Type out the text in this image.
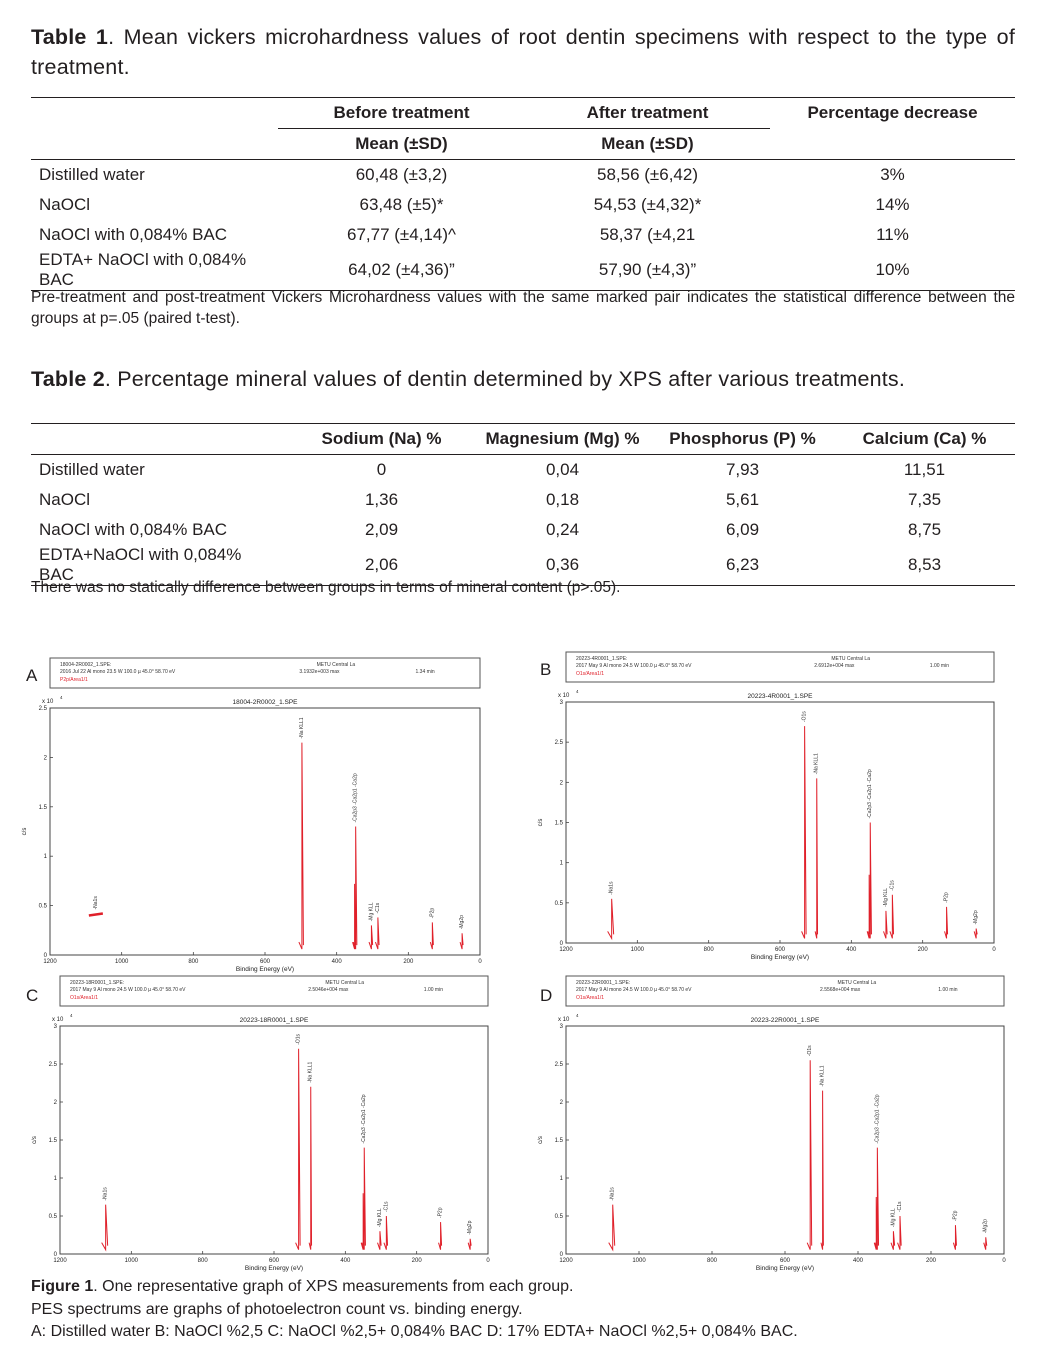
Table 1. Mean vickers microhardness values of root dentin specimens with respect to the type of treatment.
	Before treatment	After treatment	Percentage decrease
	Mean (±SD)	Mean (±SD)	
Distilled water	60,48 (±3,2)	58,56 (±6,42)	3%
NaOCl	63,48 (±5)*	54,53 (±4,32)*	14%
NaOCl with 0,084% BAC	67,77 (±4,14)^	58,37 (±4,21	11%
EDTA+ NaOCl with 0,084% BAC	64,02 (±4,36)”	57,90 (±4,3)”	10%
Pre-treatment and post-treatment Vickers Microhardness values with the same marked pair indicates the statistical difference between the groups at p=.05 (paired t-test).
Table 2. Percentage mineral values of dentin determined by XPS after various treatments.
	Sodium (Na) %	Magnesium (Mg) %	Phosphorus (P) %	Calcium (Ca) %
Distilled water	0	0,04	7,93	11,51
NaOCl	1,36	0,18	5,61	7,35
NaOCl with 0,084% BAC	2,09	0,24	6,09	8,75
EDTA+NaOCl with 0,084% BAC	2,06	0,36	6,23	8,53
There was no statically difference between groups in terms of mineral content (p>.05).
A	B
C	D
18004-2R0002_1.SPE:
2016 Jul 22 Al mono 23.5 W 100.0 µ 45.0° 58.70 eV
P2p/Area1/1
METU Central La
3.1932e+003 max	1.34 min
18004-2R0002_1.SPE
x 10
4
c/s
Binding Energy (eV)
2.5
2
1.5
1
0.5
0
1200	1000	800	600	400	200	0
-Na1s
-Na KLL1
-Ca2p3 -Ca2p1 -Ca2p
-Mg KLL -C1s	-P2p
-Mg2p
20223-4R0001_1.SPE:
2017 May 9 Al mono 24.5 W 100.0 µ 45.0° 58.70 eV
O1s/Area1/1
METU Central La
2.6912e+004 max	1.00 min
20223-4R0001_1.SPE
x 10
4
c/s
Binding Energy (eV)
3
2.5
2
1.5
1
0.5
0
1200	1000	800	600	400	200	0
-Na1s
-O1s
-Na KLL1
-Ca2p3 -Ca2p1 -Ca2p
-Mg KLL
-C1s
-P2p
-Mg2p
20223-18R0001_1.SPE:
2017 May 9 Al mono 24.5 W 100.0 µ 45.0° 58.70 eV
O1s/Area1/1
METU Central La
2.5046e+004 max	1.00 min
20223-18R0001_1.SPE
x 10
4
c/s
Binding Energy (eV)
3
2.5
2
1.5
1
0.5
0
1200	1000	800	600	400	200	0
-Na1s
-O1s
-Na KLL1
-Ca2p3 -Ca2p1 -Ca2p
-Mg KLL
-C1s
-P2p
-Mg2p
20223-22R0001_1.SPE:
2017 May 9 Al mono 24.5 W 100.0 µ 45.0° 58.70 eV
O1s/Area1/1
METU Central La
2.5568e+004 max	1.00 min
20223-22R0001_1.SPE
x 10
4
c/s
Binding Energy (eV)
3
2.5
2
1.5
1
0.5
0
1200	1000	800	600	400	200	0
-Na1s
-O1s
-Na KLL1
-Ca2p3 -Ca2p1 -Ca2p
-Mg KLL
-C1s
-P2p
-Mg2p
Figure 1. One representative graph of XPS measurements from each group.
PES spectrums are graphs of photoelectron count vs. binding energy.
A: Distilled water B: NaOCl %2,5 C: NaOCl %2,5+ 0,084% BAC D: 17% EDTA+ NaOCl %2,5+ 0,084% BAC.
